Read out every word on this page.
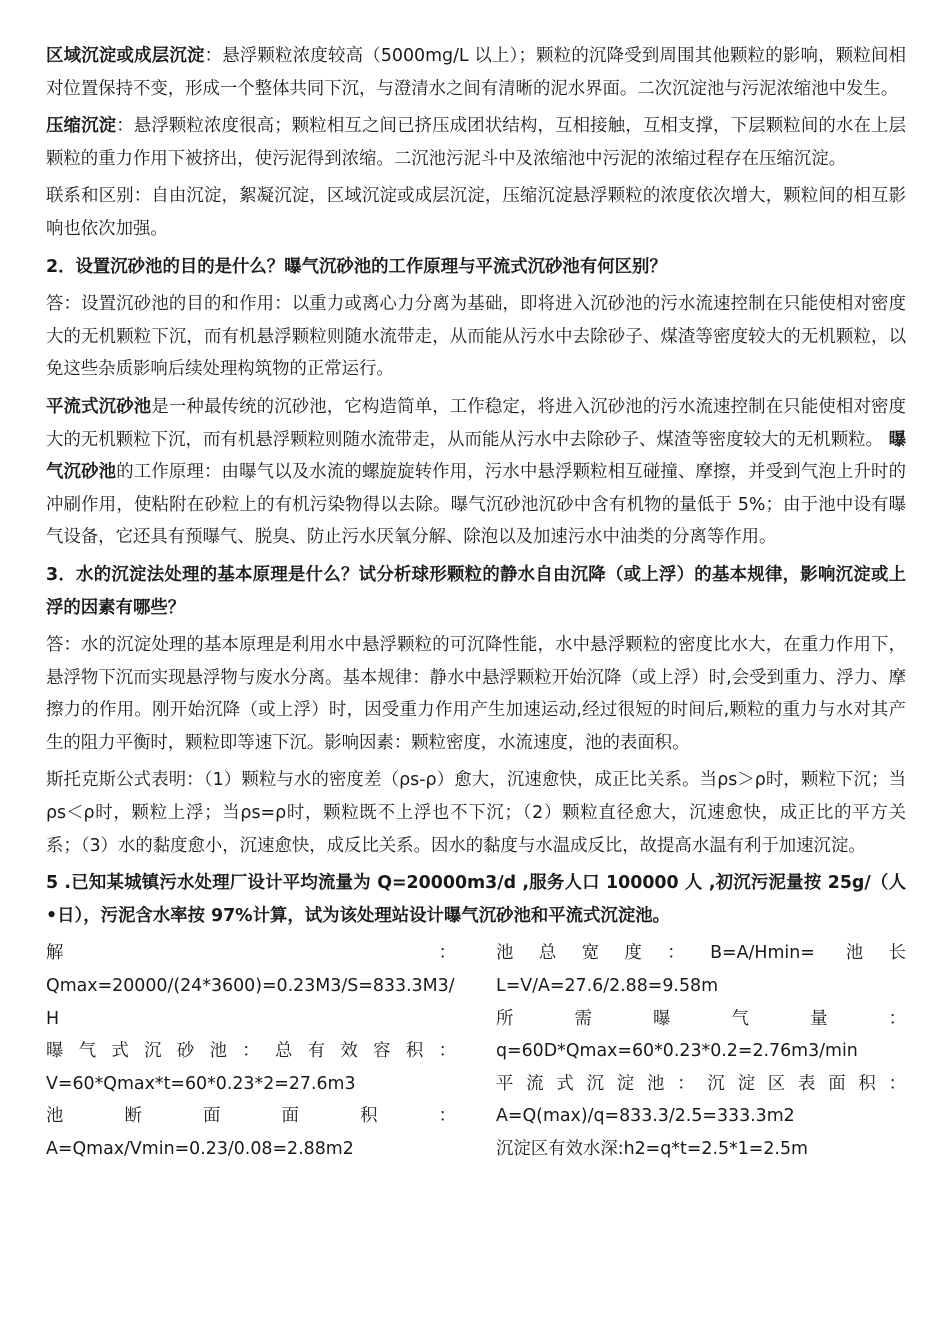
区域沉淀或成层沉淀：悬浮颗粒浓度较高（5000mg/L 以上）；颗粒的沉降受到周围其他颗粒的影响，颗粒间相对位置保持不变，形成一个整体共同下沉，与澄清水之间有清晰的泥水界面。二次沉淀池与污泥浓缩池中发生。

压缩沉淀：悬浮颗粒浓度很高；颗粒相互之间已挤压成团状结构，互相接触，互相支撑，下层颗粒间的水在上层颗粒的重力作用下被挤出，使污泥得到浓缩。二沉池污泥斗中及浓缩池中污泥的浓缩过程存在压缩沉淀。

联系和区别：自由沉淀，絮凝沉淀，区域沉淀或成层沉淀，压缩沉淀悬浮颗粒的浓度依次增大，颗粒间的相互影响也依次加强。

2．设置沉砂池的目的是什么？曝气沉砂池的工作原理与平流式沉砂池有何区别？

答：设置沉砂池的目的和作用：以重力或离心力分离为基础，即将进入沉砂池的污水流速控制在只能使相对密度大的无机颗粒下沉，而有机悬浮颗粒则随水流带走，从而能从污水中去除砂子、煤渣等密度较大的无机颗粒，以免这些杂质影响后续处理构筑物的正常运行。

平流式沉砂池是一种最传统的沉砂池，它构造简单，工作稳定，将进入沉砂池的污水流速控制在只能使相对密度大的无机颗粒下沉，而有机悬浮颗粒则随水流带走，从而能从污水中去除砂子、煤渣等密度较大的无机颗粒。 曝气沉砂池的工作原理：由曝气以及水流的螺旋旋转作用，污水中悬浮颗粒相互碰撞、摩擦，并受到气泡上升时的冲刷作用，使粘附在砂粒上的有机污染物得以去除。曝气沉砂池沉砂中含有机物的量低于 5%；由于池中设有曝气设备，它还具有预曝气、脱臭、防止污水厌氧分解、除泡以及加速污水中油类的分离等作用。

3．水的沉淀法处理的基本原理是什么？试分析球形颗粒的静水自由沉降（或上浮）的基本规律，影响沉淀或上浮的因素有哪些？

答：水的沉淀处理的基本原理是利用水中悬浮颗粒的可沉降性能，水中悬浮颗粒的密度比水大，在重力作用下，悬浮物下沉而实现悬浮物与废水分离。基本规律：静水中悬浮颗粒开始沉降（或上浮）时,会受到重力、浮力、摩擦力的作用。刚开始沉降（或上浮）时，因受重力作用产生加速运动,经过很短的时间后,颗粒的重力与水对其产生的阻力平衡时，颗粒即等速下沉。影响因素：颗粒密度，水流速度，池的表面积。

斯托克斯公式表明：（1）颗粒与水的密度差（ρs-ρ）愈大，沉速愈快，成正比关系。当ρs＞ρ时，颗粒下沉；当ρs＜ρ时，颗粒上浮；当ρs=ρ时，颗粒既不上浮也不下沉；（2）颗粒直径愈大，沉速愈快，成正比的平方关系；（3）水的黏度愈小，沉速愈快，成反比关系。因水的黏度与水温成反比，故提高水温有利于加速沉淀。

5 .已知某城镇污水处理厂设计平均流量为 Q=20000m3/d ,服务人口 100000 人 ,初沉污泥量按 25g/（人•日），污泥含水率按 97%计算，试为该处理站设计曝气沉砂池和平流式沉淀池。

解	：

Qmax=20000/(24*3600)=0.23M3/S=833.3M3/H

曝气式沉砂池：总有效容积：

V=60*Qmax*t=60*0.23*2=27.6m3

池断面面积：

A=Qmax/Vmin=0.23/0.08=2.88m2

池总宽度：B=A/Hmin= 池长

L=V/A=27.6/2.88=9.58m

所需曝气量：

q=60D*Qmax=60*0.23*0.2=2.76m3/min

平流式沉淀池：沉淀区表面积：

A=Q(max)/q=833.3/2.5=333.3m2

沉淀区有效水深:h2=q*t=2.5*1=2.5m
